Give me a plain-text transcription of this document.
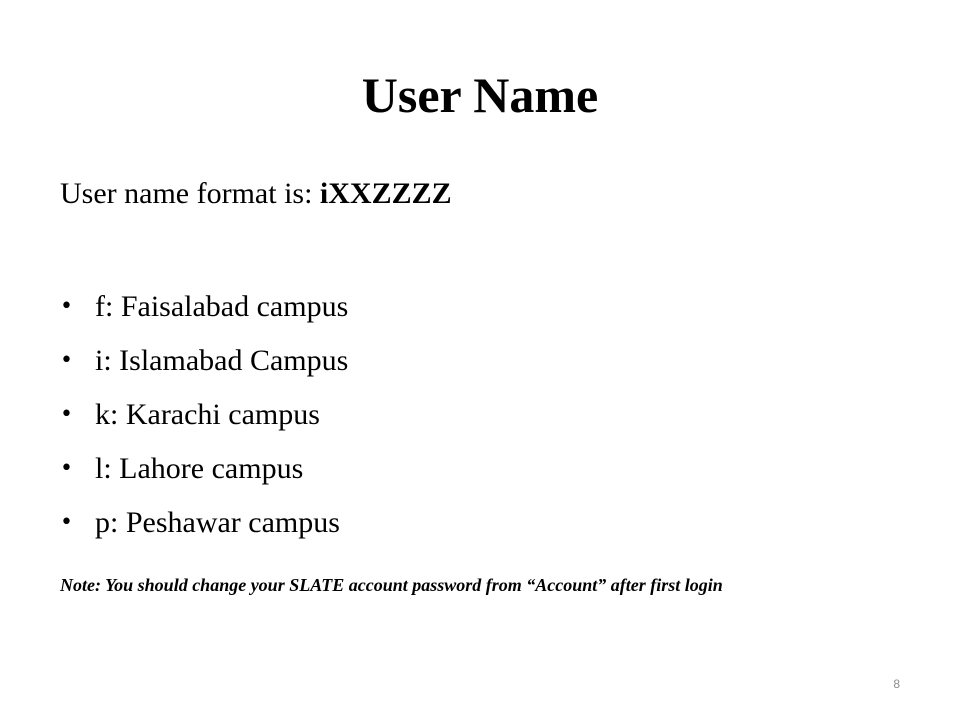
User Name
User name format is: iXXZZZZ
• f: Faisalabad campus
• i: Islamabad Campus
• k: Karachi campus
• l: Lahore campus
• p: Peshawar campus
Note: You should change your SLATE account password from “Account” after first login
8
